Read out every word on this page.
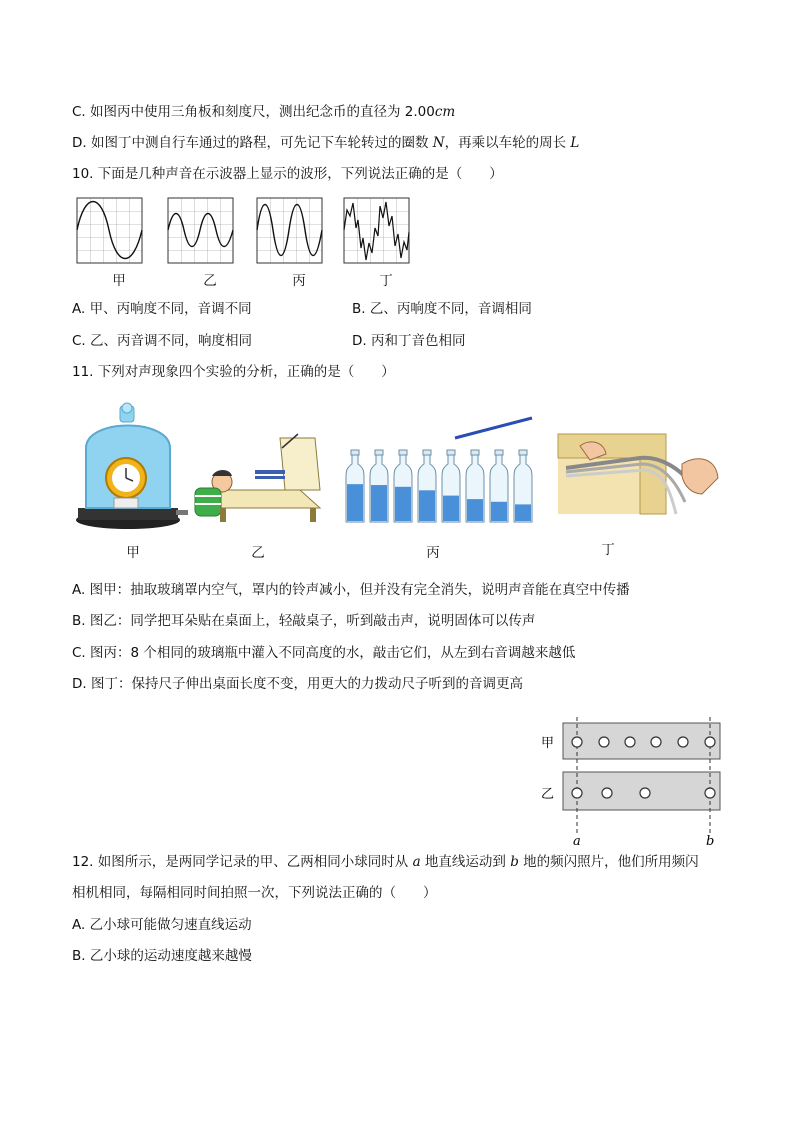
C. 如图丙中使用三角板和刻度尺，测出纪念币的直径为 2.00cm
D. 如图丁中测自行车通过的路程，可先记下车轮转过的圈数 N，再乘以车轮的周长 L
10. 下面是几种声音在示波器上显示的波形，下列说法正确的是（　　）
甲	乙	丙	丁
A. 甲、丙响度不同，音调不同	B. 乙、丙响度不同，音调相同
C. 乙、丙音调不同，响度相同	D. 丙和丁音色相同
11. 下列对声现象四个实验的分析，正确的是（　　）
甲	乙	丙	丁
A. 图甲：抽取玻璃罩内空气，罩内的铃声减小，但并没有完全消失，说明声音能在真空中传播
B. 图乙：同学把耳朵贴在桌面上，轻敲桌子，听到敲击声，说明固体可以传声
C. 图丙：8 个相同的玻璃瓶中灌入不同高度的水，敲击它们，从左到右音调越来越低
D. 图丁：保持尺子伸出桌面长度不变，用更大的力拨动尺子听到的音调更高
甲
乙
a	b
12. 如图所示，是两同学记录的甲、乙两相同小球同时从 a 地直线运动到 b 地的频闪照片，他们所用频闪
相机相同，每隔相同时间拍照一次，下列说法正确的（　　）
A. 乙小球可能做匀速直线运动
B. 乙小球的运动速度越来越慢
